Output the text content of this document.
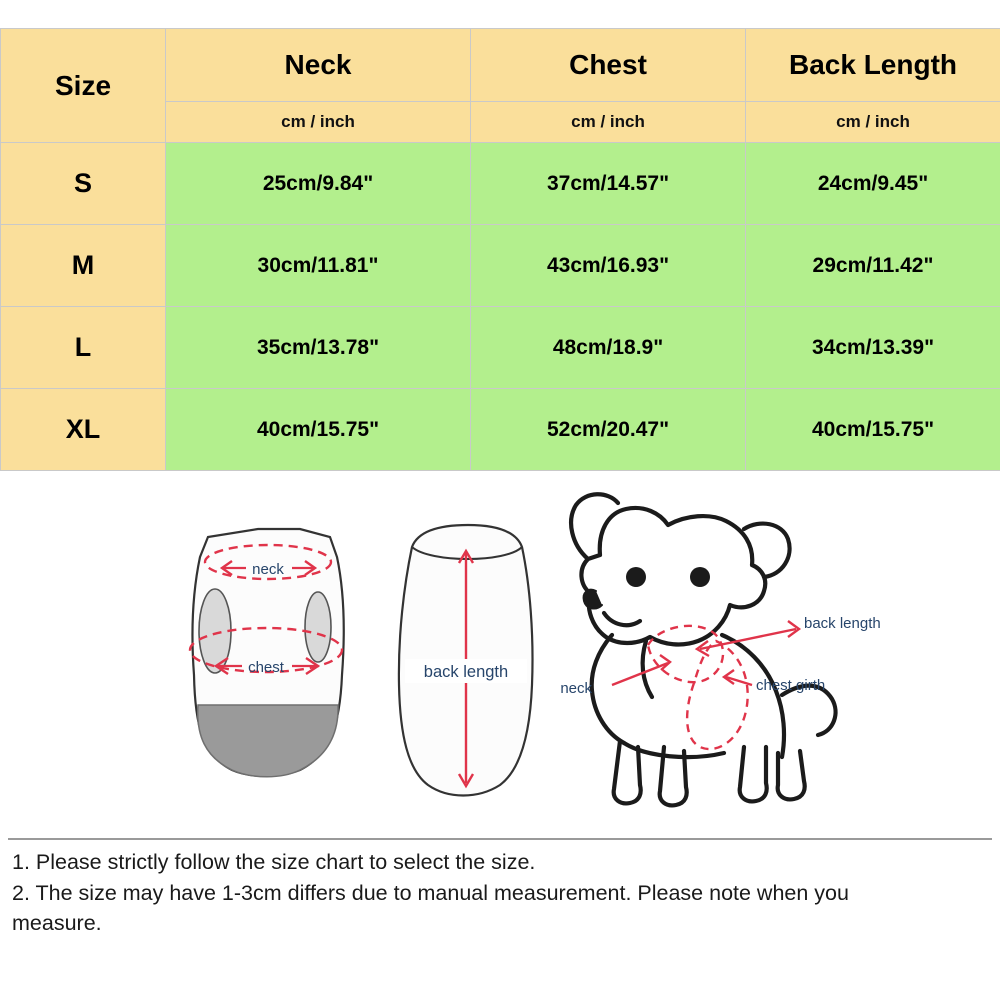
Size	Neck	Chest	Back Length
	cm / inch	cm / inch	cm / inch
S	25cm/9.84"	37cm/14.57"	24cm/9.45"
M	30cm/11.81"	43cm/16.93"	29cm/11.42"
L	35cm/13.78"	48cm/18.9"	34cm/13.39"
XL	40cm/15.75"	52cm/20.47"	40cm/15.75"
neck
chest	back length
neck
back length
chest girth

1. Please strictly follow the size chart to select the size.

2. The size may have 1-3cm differs due to manual measurement. Please note when you

measure.
